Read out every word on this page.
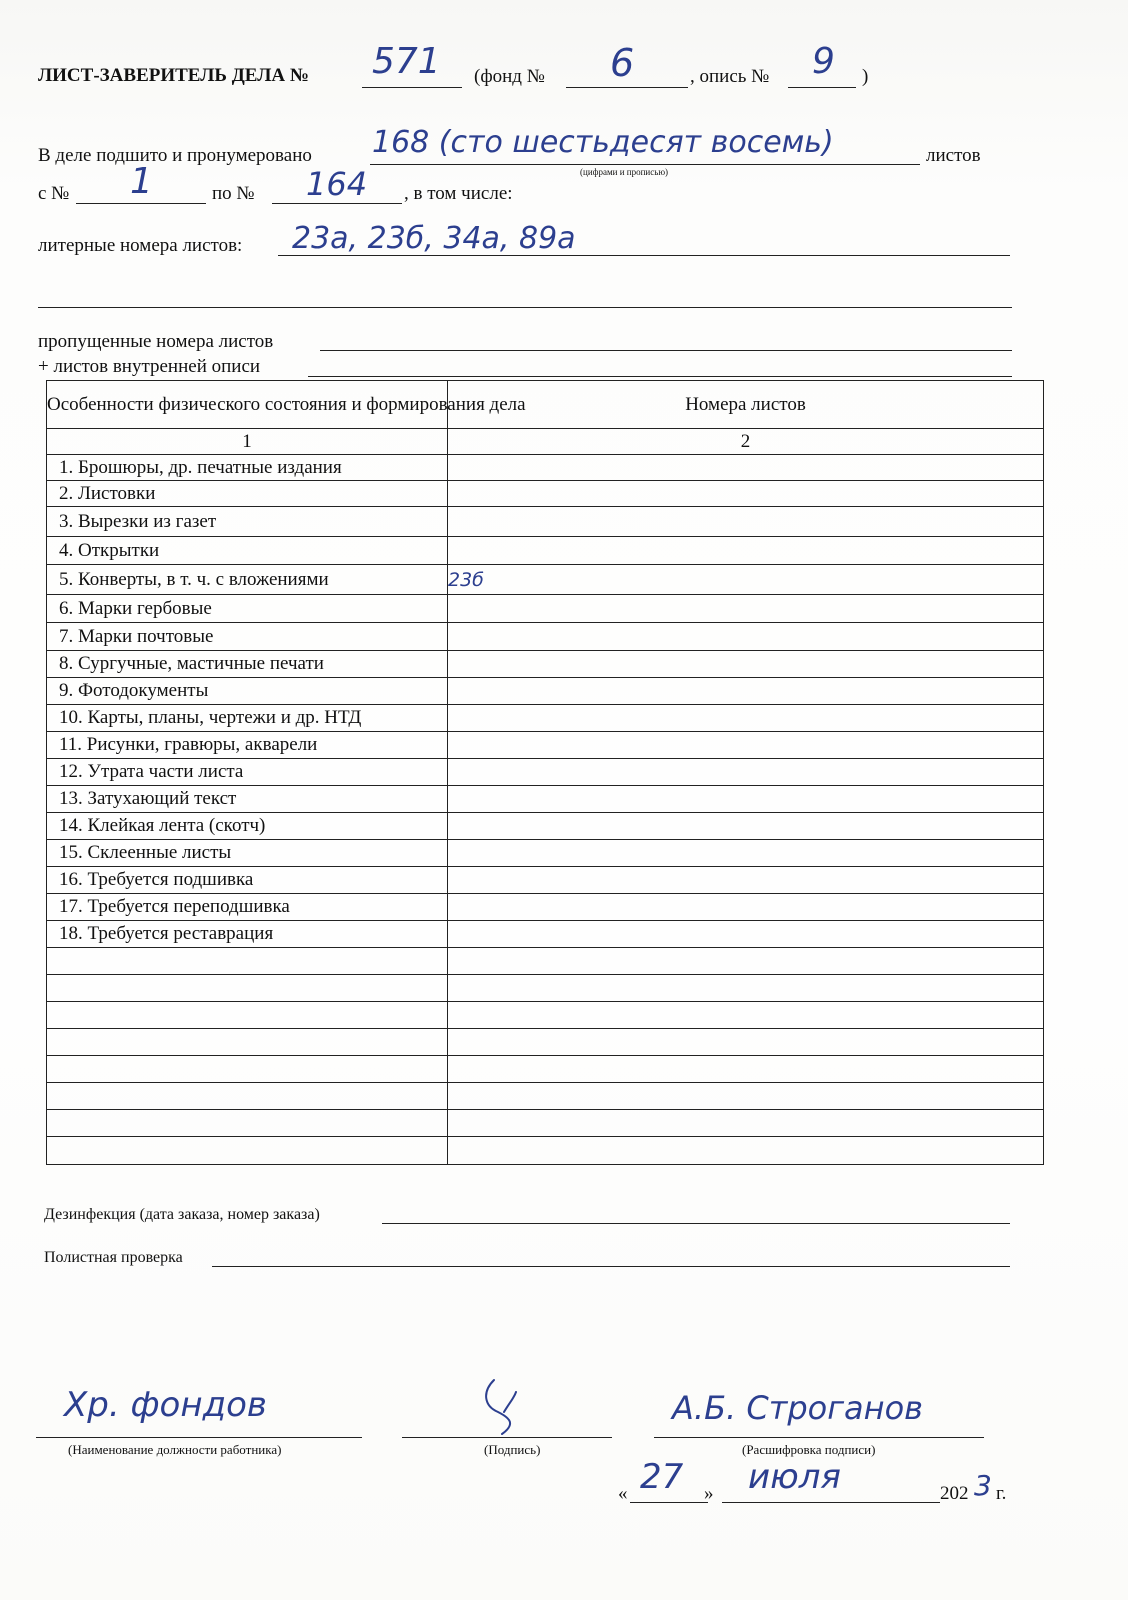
ЛИСТ-ЗАВЕРИТЕЛЬ ДЕЛА № 571 (фонд № 6	, опись № 9 )
В деле подшито и пронумеровано 168 (сто шестьдесят восемь)
(цифрами и прописью)
листов
с № 1	по № 164 , в том числе:
литерные номера листов: 23а, 23б, 34а, 89а
пропущенные номера листов
+ листов внутренней описи
Особенности физического состояния и формирования дела	Номера листов
1	2
1. Брошюры, др. печатные издания	
2. Листовки	
3. Вырезки из газет	
4. Открытки	
5. Конверты, в т. ч. с вложениями	23б
6. Марки гербовые	
7. Марки почтовые	
8. Сургучные, мастичные печати	
9. Фотодокументы	
10. Карты, планы, чертежи и др. НТД	
11. Рисунки, гравюры, акварели	
12. Утрата части листа	
13. Затухающий текст	
14. Клейкая лента (скотч)	
15. Склеенные листы	
16. Требуется подшивка	
17. Требуется переподшивка	
18. Требуется реставрация	

Дезинфекция (дата заказа, номер заказа)
Полистная проверка
Хр. фондов
(Наименование должности работника)	(Подпись)
А.Б. Строганов
(Расшифровка подписи)
« 27 » июля	202 3 г.
